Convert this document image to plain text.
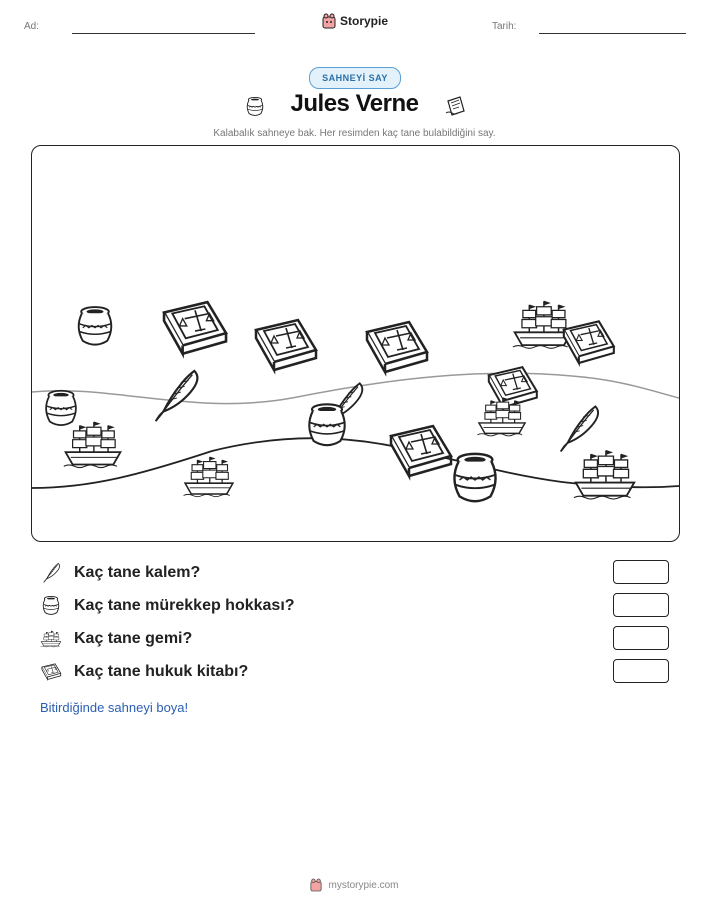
Ad:	Storypie	Tarih:
SAHNEYİ SAY
Jules Verne
Kalabalık sahneye bak. Her resimden kaç tane bulabildiğini say.
Kaç tane kalem?
Kaç tane mürekkep hokkası?
Kaç tane gemi?
Kaç tane hukuk kitabı?
Bitirdiğinde sahneyi boya!
mystorypie.com
